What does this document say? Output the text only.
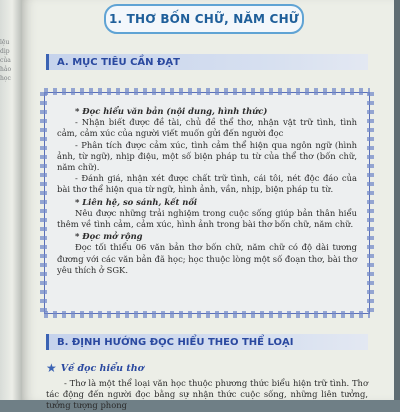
lệu
dịp
của
hảo
học
1. THƠ BỐN CHỮ, NĂM CHỮ
A. MỤC TIÊU CẦN ĐẠT

* Đọc hiểu văn bản (nội dung, hình thức)

- Nhận biết được đề tài, chủ đề thể thơ, nhận vật trữ tình, tình cảm, cảm xúc của người viết muốn gửi đến người đọc

- Phân tích được cảm xúc, tình cảm thể hiện qua ngôn ngữ (hình ảnh, từ ngữ), nhịp điệu, một số biện pháp tu từ của thể thơ (bốn chữ, năm chữ).

- Đánh giá, nhận xét được chất trữ tình, cái tôi, nét độc đáo của bài thơ thể hiện qua từ ngữ, hình ảnh, vần, nhịp, biện pháp tu từ.

* Liên hệ, so sánh, kết nối

Nêu được những trải nghiệm trong cuộc sống giúp bản thân hiểu thêm về tình cảm, cảm xúc, hình ảnh trong bài thơ bốn chữ, năm chữ.

* Đọc mở rộng

Đọc tối thiểu 06 văn bản thơ bốn chữ, năm chữ có độ dài tương đương với các văn bản đã học; học thuộc lòng một số đoạn thơ, bài thơ yêu thích ở SGK.

B. ĐỊNH HƯỚNG ĐỌC HIỂU THEO THỂ LOẠI
★ Về đọc hiểu thơ

- Thơ là một thể loại văn học thuộc phương thức biểu hiện trữ tình. Thơ tác động đến người đọc bằng sự nhận thức cuộc sống, những liên tưởng, tưởng tượng phong
